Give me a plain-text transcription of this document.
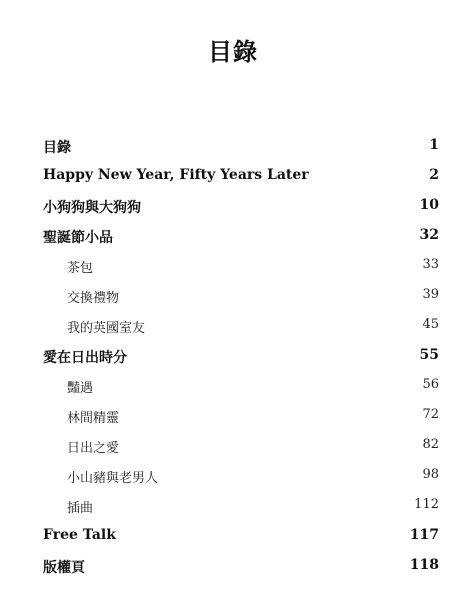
目錄
目錄	1
Happy New Year, Fifty Years Later	2
小狗狗與大狗狗	10
聖誕節小品	32
茶包	33
交換禮物	39
我的英國室友	45
愛在日出時分	55
豔遇	56
林間精靈	72
日出之愛	82
小山豬與老男人	98
插曲	112
Free Talk	117
版權頁	118
